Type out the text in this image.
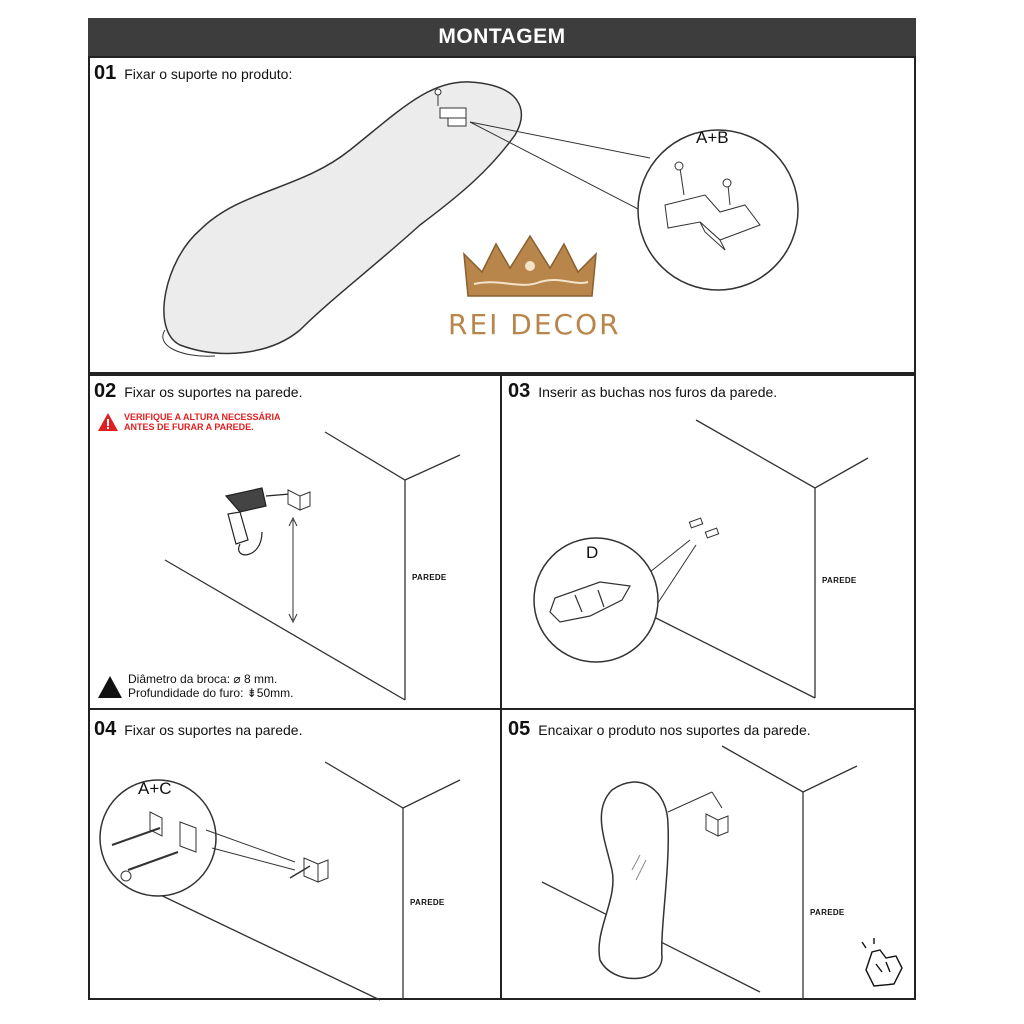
MONTAGEM
01 Fixar o suporte no produto:
A+B
REI DECOR
02 Fixar os suportes na parede.
VERIFIQUE A ALTURA NECESSÁRIA
ANTES DE FURAR A PAREDE.
PAREDE
Diâmetro da broca: ⌀ 8 mm.
Profundidade do furo: ⇟50mm.
03 Inserir as buchas nos furos da parede.
D
PAREDE
04 Fixar os suportes na parede.
A+C
PAREDE
05 Encaixar o produto nos suportes da parede.
PAREDE
